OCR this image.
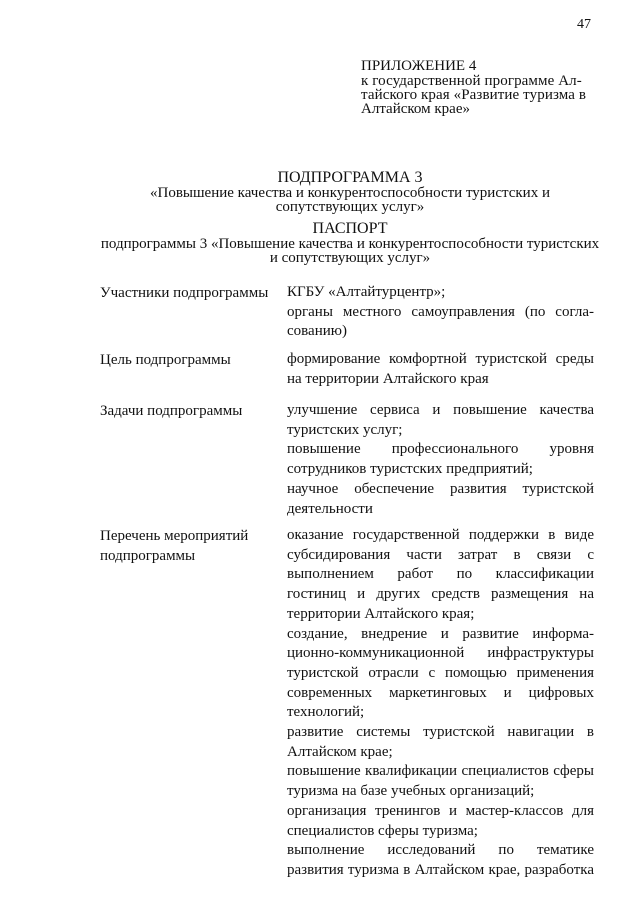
47
ПРИЛОЖЕНИЕ 4
к государственной программе Ал-
тайского края «Развитие туризма в
Алтайском крае»
ПОДПРОГРАММА 3
«Повышение качества и конкурентоспособности туристских и
сопутствующих услуг»
ПАСПОРТ
подпрограммы 3 «Повышение качества и конкурентоспособности туристских
и сопутствующих услуг»
Участники подпрограммы КГБУ «Алтайтурцентр»;
органы местного самоуправления (по согла-
сованию)
Цель подпрограммы	формирование комфортной туристской среды
на территории Алтайского края
Задачи подпрограммы	улучшение сервиса и повышение качества
туристских услуг;
повышение профессионального уровня
сотрудников туристских предприятий;
научное обеспечение развития туристской
деятельности
Перечень мероприятий
подпрограммы
оказание государственной поддержки в виде
субсидирования части затрат в связи с
выполнением работ по классификации
гостиниц и других средств размещения на
территории Алтайского края;
создание, внедрение и развитие информа-
ционно-коммуникационной инфраструктуры
туристской отрасли с помощью применения
современных маркетинговых и цифровых
технологий;
развитие системы туристской навигации в
Алтайском крае;
повышение квалификации специалистов сферы
туризма на базе учебных организаций;
организация тренингов и мастер-классов для
специалистов сферы туризма;
выполнение исследований по тематике
развития туризма в Алтайском крае, разработка
